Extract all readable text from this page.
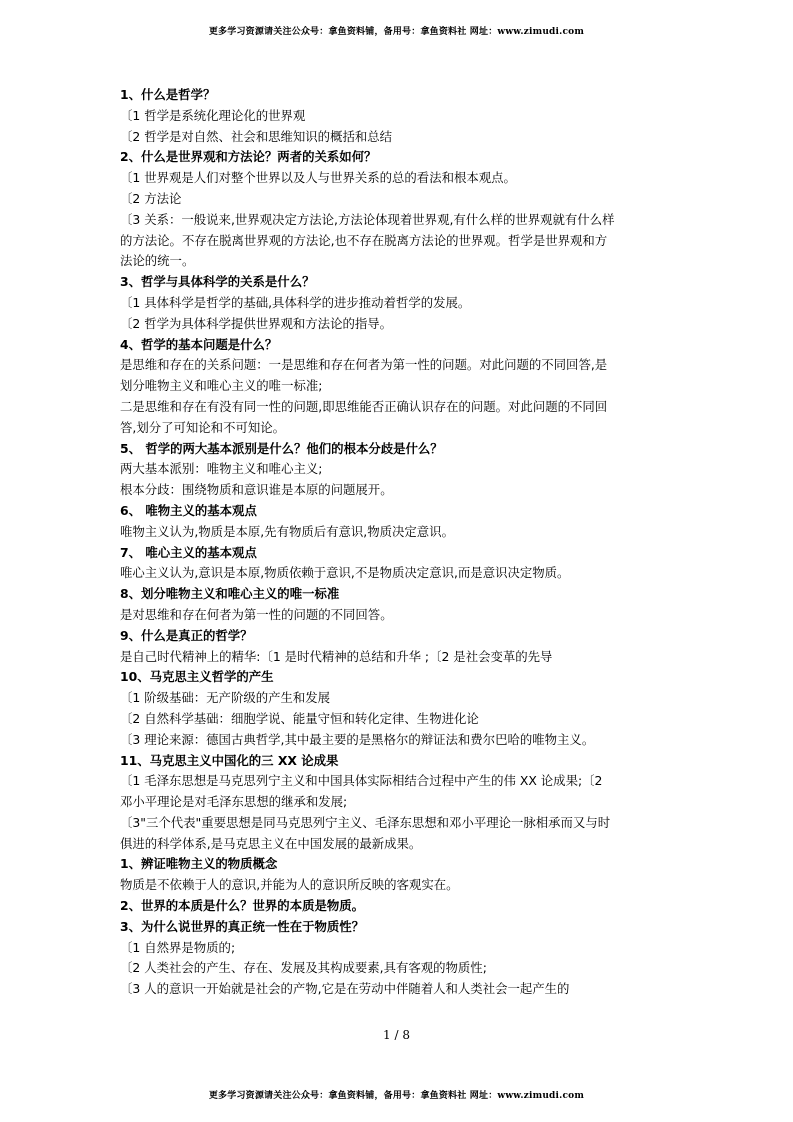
更多学习资源请关注公众号：拿鱼资料铺，备用号：拿鱼资料社 网址：www.zimudi.com
1、什么是哲学？
〔1 哲学是系统化理论化的世界观
〔2 哲学是对自然、社会和思维知识的概括和总结
2、什么是世界观和方法论？两者的关系如何？
〔1 世界观是人们对整个世界以及人与世界关系的总的看法和根本观点。
〔2 方法论
〔3 关系：一般说来,世界观决定方法论,方法论体现着世界观,有什么样的世界观就有什么样
的方法论。不存在脱离世界观的方法论,也不存在脱离方法论的世界观。哲学是世界观和方
法论的统一。
3、哲学与具体科学的关系是什么？
〔1 具体科学是哲学的基础,具体科学的进步推动着哲学的发展。
〔2 哲学为具体科学提供世界观和方法论的指导。
4、哲学的基本问题是什么？
是思维和存在的关系问题：一是思维和存在何者为第一性的问题。对此问题的不同回答,是
划分唯物主义和唯心主义的唯一标准;
二是思维和存在有没有同一性的问题,即思维能否正确认识存在的问题。对此问题的不同回
答,划分了可知论和不可知论。
5、 哲学的两大基本派别是什么？他们的根本分歧是什么？
两大基本派别：唯物主义和唯心主义;
根本分歧：围绕物质和意识谁是本原的问题展开。
6、 唯物主义的基本观点
唯物主义认为,物质是本原,先有物质后有意识,物质决定意识。
7、 唯心主义的基本观点
唯心主义认为,意识是本原,物质依赖于意识,不是物质决定意识,而是意识决定物质。
8、划分唯物主义和唯心主义的唯一标准
是对思维和存在何者为第一性的问题的不同回答。
9、什么是真正的哲学？
是自己时代精神上的精华:〔1 是时代精神的总结和升华 ;〔2 是社会变革的先导
10、马克思主义哲学的产生
〔1 阶级基础：无产阶级的产生和发展
〔2 自然科学基础：细胞学说、能量守恒和转化定律、生物进化论
〔3 理论来源：德国古典哲学,其中最主要的是黑格尔的辩证法和费尔巴哈的唯物主义。
11、马克思主义中国化的三 XX 论成果
〔1 毛泽东思想是马克思列宁主义和中国具体实际相结合过程中产生的伟 XX 论成果;〔2
邓小平理论是对毛泽东思想的继承和发展;
〔3"三个代表"重要思想是同马克思列宁主义、毛泽东思想和邓小平理论一脉相承而又与时
俱进的科学体系,是马克思主义在中国发展的最新成果。
1、辨证唯物主义的物质概念
物质是不依赖于人的意识,并能为人的意识所反映的客观实在。
2、世界的本质是什么？世界的本质是物质。
3、为什么说世界的真正统一性在于物质性？
〔1 自然界是物质的;
〔2 人类社会的产生、存在、发展及其构成要素,具有客观的物质性;
〔3 人的意识一开始就是社会的产物,它是在劳动中伴随着人和人类社会一起产生的
1 / 8
更多学习资源请关注公众号：拿鱼资料铺，备用号：拿鱼资料社 网址：www.zimudi.com
